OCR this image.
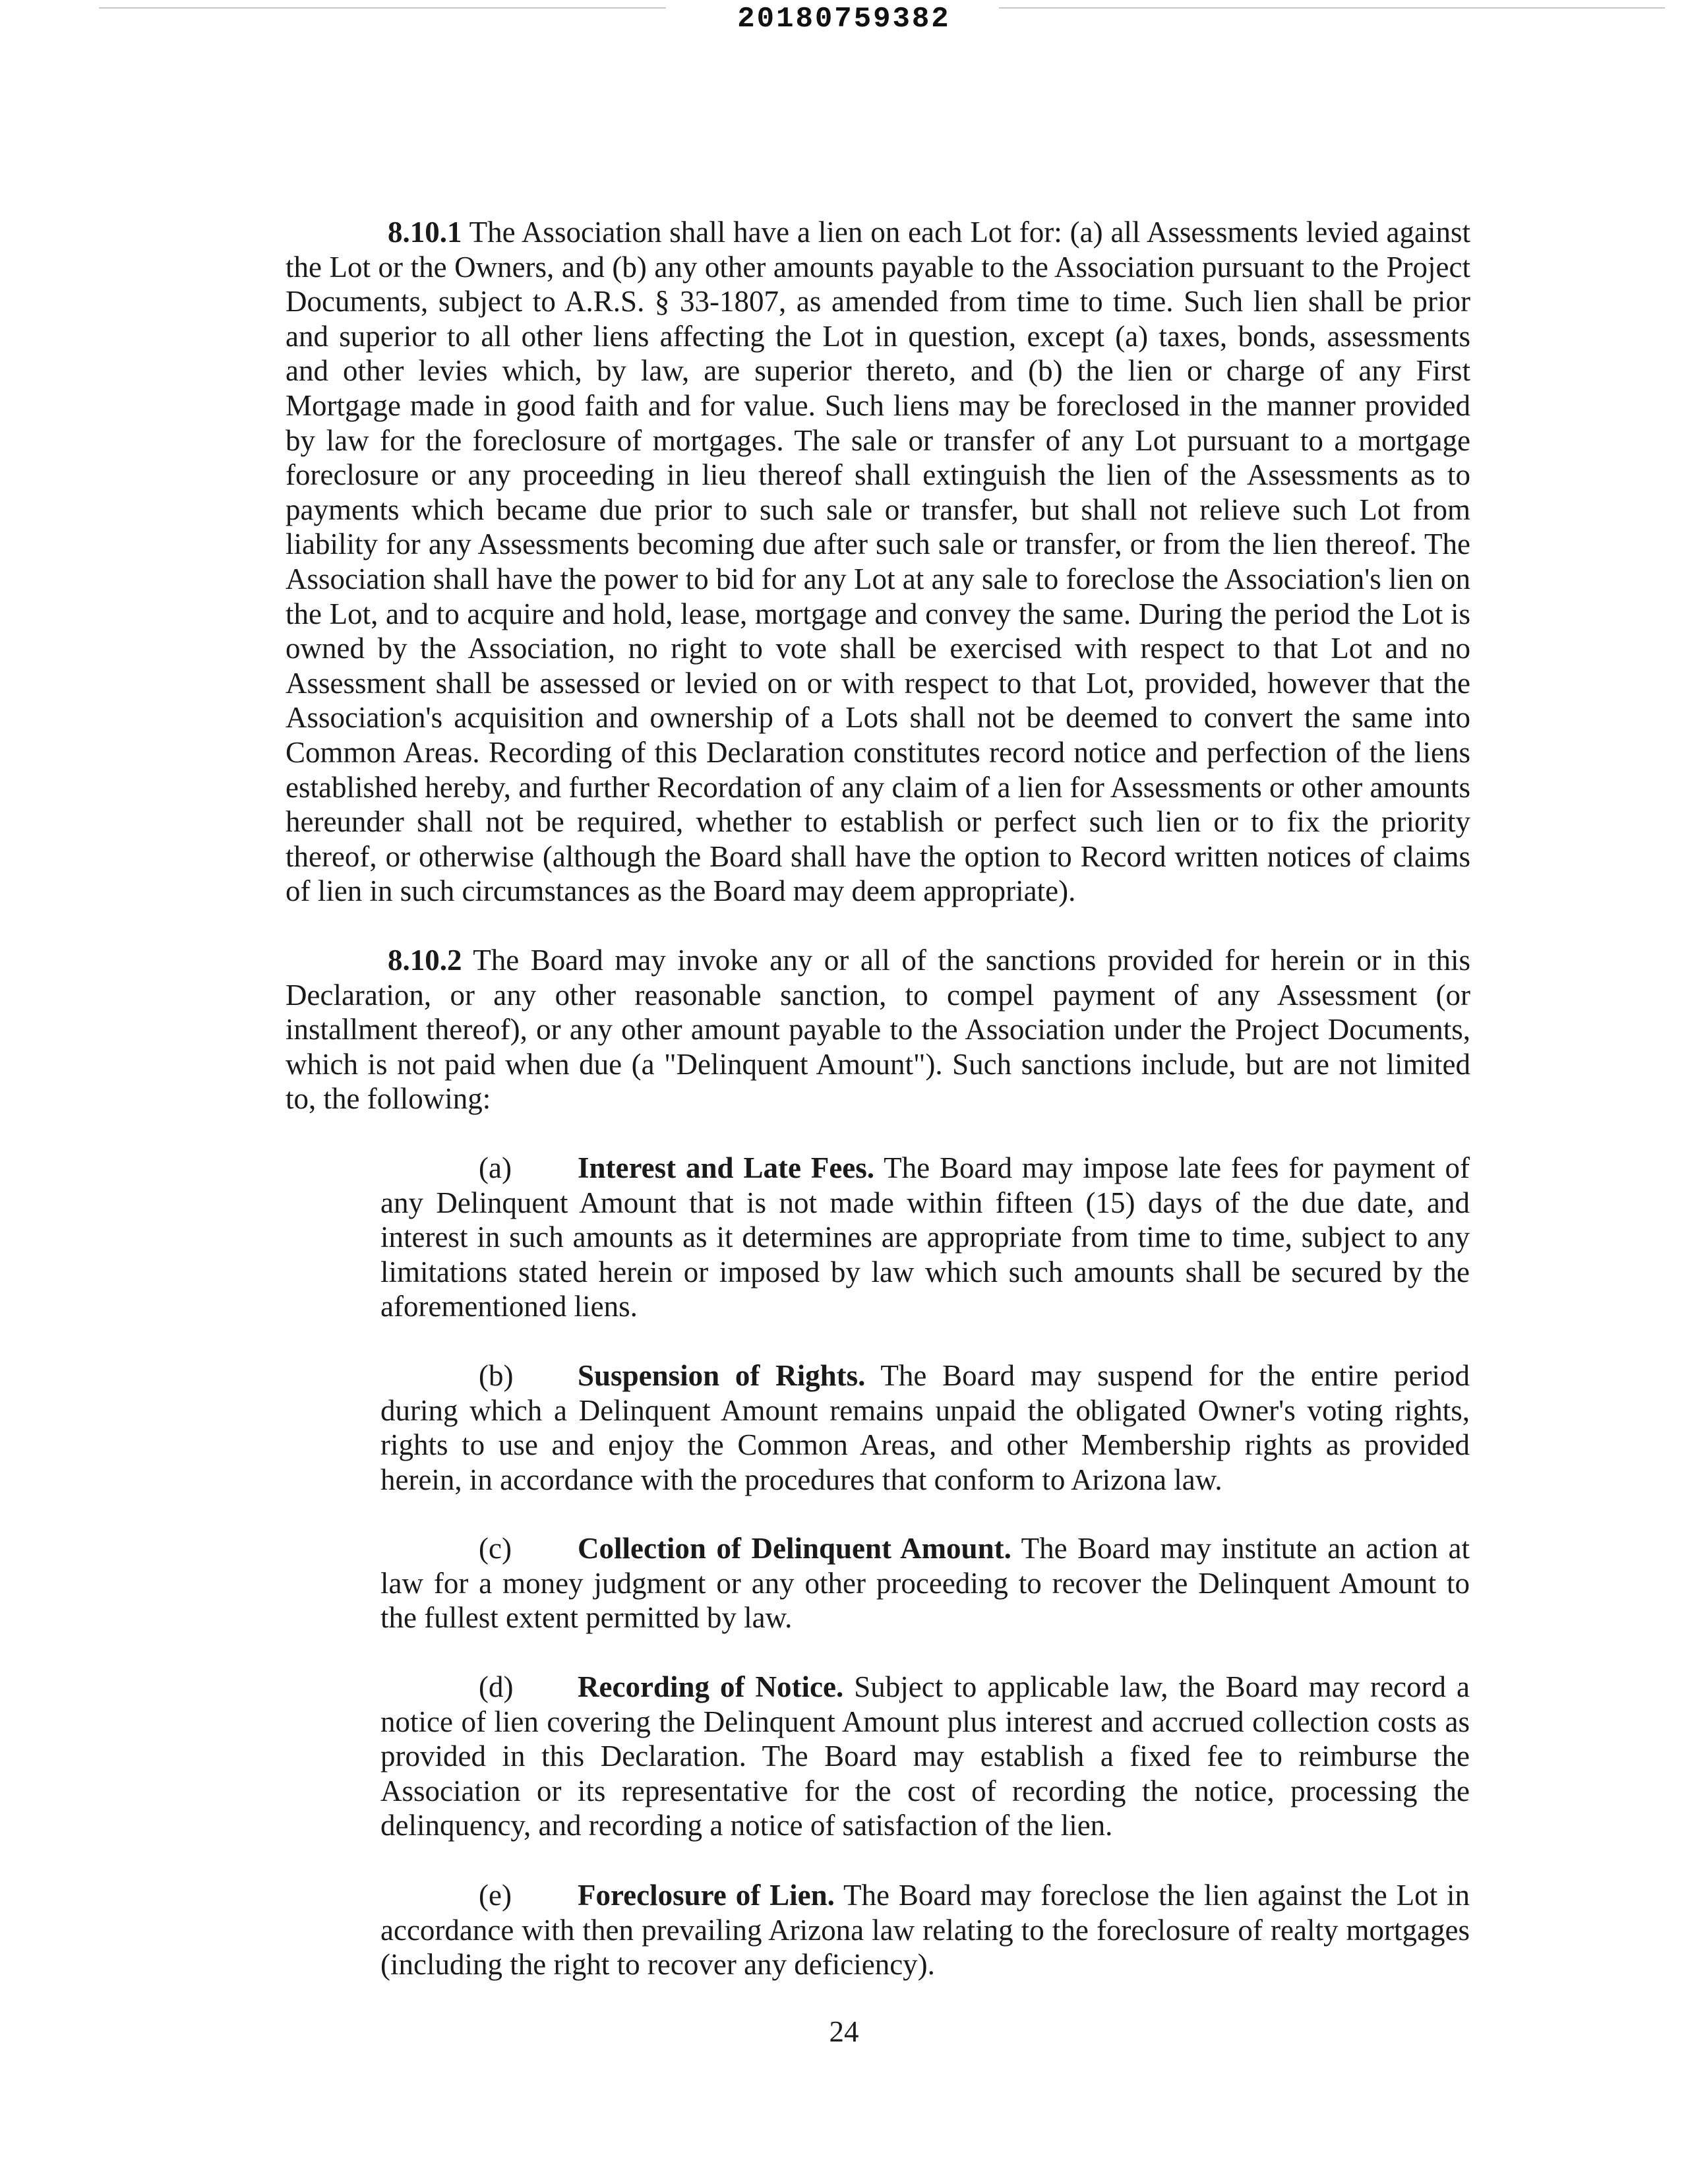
20180759382

8.10.1 The Association shall have a lien on each Lot for: (a) all Assessments levied against the Lot or the Owners, and (b) any other amounts payable to the Association pursuant to the Project Documents, subject to A.R.S. § 33-1807, as amended from time to time. Such lien shall be prior and superior to all other liens affecting the Lot in question, except (a) taxes, bonds, assessments and other levies which, by law, are superior thereto, and (b) the lien or charge of any First Mortgage made in good faith and for value. Such liens may be foreclosed in the manner provided by law for the foreclosure of mortgages. The sale or transfer of any Lot pursuant to a mortgage foreclosure or any proceeding in lieu thereof shall extinguish the lien of the Assessments as to payments which became due prior to such sale or transfer, but shall not relieve such Lot from liability for any Assessments becoming due after such sale or transfer, or from the lien thereof. The Association shall have the power to bid for any Lot at any sale to foreclose the Association's lien on the Lot, and to acquire and hold, lease, mortgage and convey the same. During the period the Lot is owned by the Association, no right to vote shall be exercised with respect to that Lot and no Assessment shall be assessed or levied on or with respect to that Lot, provided, however that the Association's acquisition and ownership of a Lots shall not be deemed to convert the same into Common Areas. Recording of this Declaration constitutes record notice and perfection of the liens established hereby, and further Recordation of any claim of a lien for Assessments or other amounts hereunder shall not be required, whether to establish or perfect such lien or to fix the priority thereof, or otherwise (although the Board shall have the option to Record written notices of claims of lien in such circumstances as the Board may deem appropriate).

8.10.2 The Board may invoke any or all of the sanctions provided for herein or in this Declaration, or any other reasonable sanction, to compel payment of any Assessment (or installment thereof), or any other amount payable to the Association under the Project Documents, which is not paid when due (a "Delinquent Amount"). Such sanctions include, but are not limited to, the following:

(a) Interest and Late Fees. The Board may impose late fees for payment of any Delinquent Amount that is not made within fifteen (15) days of the due date, and interest in such amounts as it determines are appropriate from time to time, subject to any limitations stated herein or imposed by law which such amounts shall be secured by the aforementioned liens.

(b) Suspension of Rights. The Board may suspend for the entire period during which a Delinquent Amount remains unpaid the obligated Owner's voting rights, rights to use and enjoy the Common Areas, and other Membership rights as provided herein, in accordance with the procedures that conform to Arizona law.

(c) Collection of Delinquent Amount. The Board may institute an action at law for a money judgment or any other proceeding to recover the Delinquent Amount to the fullest extent permitted by law.

(d) Recording of Notice. Subject to applicable law, the Board may record a notice of lien covering the Delinquent Amount plus interest and accrued collection costs as provided in this Declaration. The Board may establish a fixed fee to reimburse the Association or its representative for the cost of recording the notice, processing the delinquency, and recording a notice of satisfaction of the lien.

(e) Foreclosure of Lien. The Board may foreclose the lien against the Lot in accordance with then prevailing Arizona law relating to the foreclosure of realty mortgages (including the right to recover any deficiency).

24
